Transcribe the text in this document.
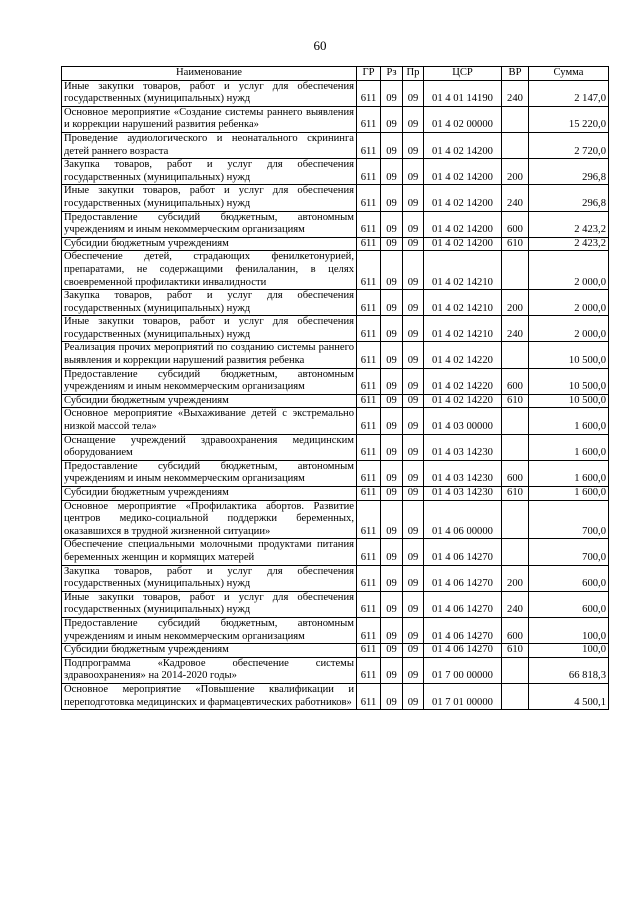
60
Наименование	ГР	Рз	Пр	ЦСР	ВР	Сумма
Иные закупки товаров, работ и услуг для обеспечения государственных (муниципальных) нужд	611	09	09	01 4 01 14190	240	2 147,0
Основное мероприятие «Создание системы раннего выявления и коррекции нарушений развития ребенка»	611	09	09	01 4 02 00000		15 220,0
Проведение аудиологического и неонатального скрининга детей раннего возраста	611	09	09	01 4 02 14200		2 720,0
Закупка товаров, работ и услуг для обеспечения государственных (муниципальных) нужд	611	09	09	01 4 02 14200	200	296,8
Иные закупки товаров, работ и услуг для обеспечения государственных (муниципальных) нужд	611	09	09	01 4 02 14200	240	296,8
Предоставление субсидий бюджетным, автономным учреждениям и иным некоммерческим организациям	611	09	09	01 4 02 14200	600	2 423,2
Субсидии бюджетным учреждениям	611	09	09	01 4 02 14200	610	2 423,2
Обеспечение детей, страдающих фенилкетонурией, препаратами, не содержащими фенилаланин, в целях своевременной профилактики инвалидности	611	09	09	01 4 02 14210		2 000,0
Закупка товаров, работ и услуг для обеспечения государственных (муниципальных) нужд	611	09	09	01 4 02 14210	200	2 000,0
Иные закупки товаров, работ и услуг для обеспечения государственных (муниципальных) нужд	611	09	09	01 4 02 14210	240	2 000,0
Реализация прочих мероприятий по созданию системы раннего выявления и коррекции нарушений развития ребенка	611	09	09	01 4 02 14220		10 500,0
Предоставление субсидий бюджетным, автономным учреждениям и иным некоммерческим организациям	611	09	09	01 4 02 14220	600	10 500,0
Субсидии бюджетным учреждениям	611	09	09	01 4 02 14220	610	10 500,0
Основное мероприятие «Выхаживание детей с экстремально низкой массой тела»	611	09	09	01 4 03 00000		1 600,0
Оснащение учреждений здравоохранения медицинским оборудованием	611	09	09	01 4 03 14230		1 600,0
Предоставление субсидий бюджетным, автономным учреждениям и иным некоммерческим организациям	611	09	09	01 4 03 14230	600	1 600,0
Субсидии бюджетным учреждениям	611	09	09	01 4 03 14230	610	1 600,0
Основное мероприятие «Профилактика абортов. Развитие центров медико-социальной поддержки беременных, оказавшихся в трудной жизненной ситуации»	611	09	09	01 4 06 00000		700,0
Обеспечение специальными молочными продуктами питания беременных женщин и кормящих матерей	611	09	09	01 4 06 14270		700,0
Закупка товаров, работ и услуг для обеспечения государственных (муниципальных) нужд	611	09	09	01 4 06 14270	200	600,0
Иные закупки товаров, работ и услуг для обеспечения государственных (муниципальных) нужд	611	09	09	01 4 06 14270	240	600,0
Предоставление субсидий бюджетным, автономным учреждениям и иным некоммерческим организациям	611	09	09	01 4 06 14270	600	100,0
Субсидии бюджетным учреждениям	611	09	09	01 4 06 14270	610	100,0
Подпрограмма «Кадровое обеспечение системы здравоохранения» на 2014-2020 годы»	611	09	09	01 7 00 00000		66 818,3
Основное мероприятие «Повышение квалификации и переподготовка медицинских и фармацевтических работников»	611	09	09	01 7 01 00000		4 500,1
